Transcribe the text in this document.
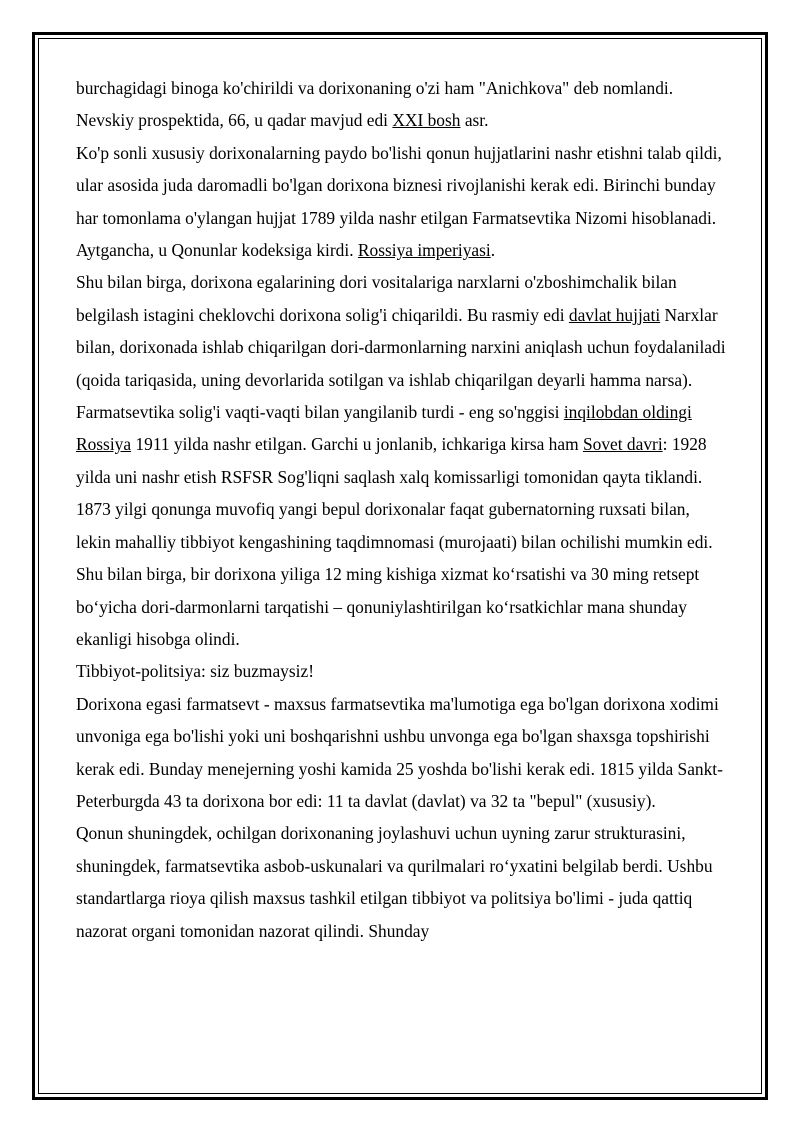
burchagidagi binoga ko'chirildi va dorixonaning o'zi ham "Anichkova" deb nomlandi. Nevskiy prospektida, 66, u qadar mavjud edi XXI bosh asr.

Ko'p sonli xususiy dorixonalarning paydo bo'lishi qonun hujjatlarini nashr etishni talab qildi, ular asosida juda daromadli bo'lgan dorixona biznesi rivojlanishi kerak edi. Birinchi bunday har tomonlama o'ylangan hujjat 1789 yilda nashr etilgan Farmatsevtika Nizomi hisoblanadi. Aytgancha, u Qonunlar kodeksiga kirdi. Rossiya imperiyasi.

Shu bilan birga, dorixona egalarining dori vositalariga narxlarni o'zboshimchalik bilan belgilash istagini cheklovchi dorixona solig'i chiqarildi. Bu rasmiy edi davlat hujjati Narxlar bilan, dorixonada ishlab chiqarilgan dori-darmonlarning narxini aniqlash uchun foydalaniladi (qoida tariqasida, uning devorlarida sotilgan va ishlab chiqarilgan deyarli hamma narsa). Farmatsevtika solig'i vaqti-vaqti bilan yangilanib turdi - eng so'nggisi inqilobdan oldingi Rossiya 1911 yilda nashr etilgan. Garchi u jonlanib, ichkariga kirsa ham Sovet davri: 1928 yilda uni nashr etish RSFSR Sog'liqni saqlash xalq komissarligi tomonidan qayta tiklandi.

1873 yilgi qonunga muvofiq yangi bepul dorixonalar faqat gubernatorning ruxsati bilan, lekin mahalliy tibbiyot kengashining taqdimnomasi (murojaati) bilan ochilishi mumkin edi. Shu bilan birga, bir dorixona yiliga 12 ming kishiga xizmat ko‘rsatishi va 30 ming retsept bo‘yicha dori-darmonlarni tarqatishi – qonuniylashtirilgan ko‘rsatkichlar mana shunday ekanligi hisobga olindi.

Tibbiyot-politsiya: siz buzmaysiz!

Dorixona egasi farmatsevt - maxsus farmatsevtika ma'lumotiga ega bo'lgan dorixona xodimi unvoniga ega bo'lishi yoki uni boshqarishni ushbu unvonga ega bo'lgan shaxsga topshirishi kerak edi. Bunday menejerning yoshi kamida 25 yoshda bo'lishi kerak edi. 1815 yilda Sankt-Peterburgda 43 ta dorixona bor edi: 11 ta davlat (davlat) va 32 ta "bepul" (xususiy).

Qonun shuningdek, ochilgan dorixonaning joylashuvi uchun uyning zarur strukturasini, shuningdek, farmatsevtika asbob-uskunalari va qurilmalari ro‘yxatini belgilab berdi. Ushbu standartlarga rioya qilish maxsus tashkil etilgan tibbiyot va politsiya bo'limi - juda qattiq nazorat organi tomonidan nazorat qilindi. Shunday
